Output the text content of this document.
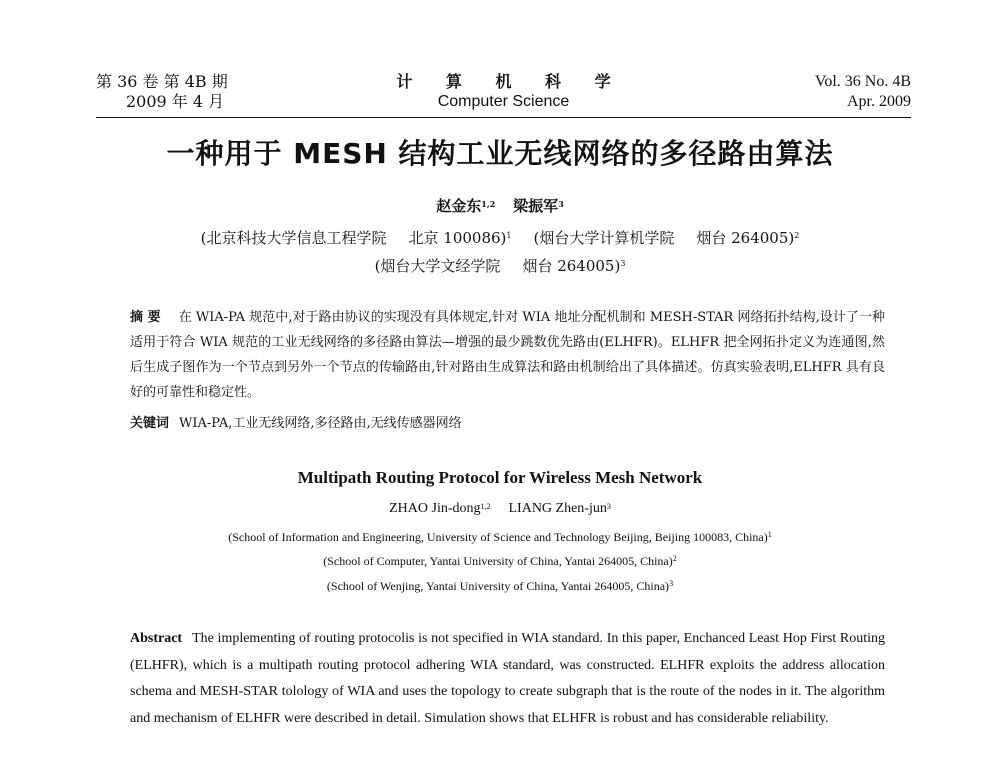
第 36 卷 第 4B 期
2009 年 4 月
计 算 机 科 学
Computer Science
Vol. 36 No. 4B
Apr. 2009
一种用于 MESH 结构工业无线网络的多径路由算法
赵金东$^{1,2}$ 梁振军$^3$
(北京科技大学信息工程学院 北京 100086)$^1$ (烟台大学计算机学院 烟台 264005)$^2$
(烟台大学文经学院 烟台 264005)$^3$
摘 要 在 WIA-PA 规范中,对于路由协议的实现没有具体规定,针对 WIA 地址分配机制和 MESH-STAR 网络拓扑结构,设计了一种适用于符合 WIA 规范的工业无线网络的多径路由算法—增强的最少跳数优先路由(ELHFR)。ELHFR 把全网拓扑定义为连通图,然后生成子图作为一个节点到另外一个节点的传输路由,针对路由生成算法和路由机制给出了具体描述。仿真实验表明,ELHFR 具有良好的可靠性和稳定性。
关键词 WIA-PA,工业无线网络,多径路由,无线传感器网络
Multipath Routing Protocol for Wireless Mesh Network
ZHAO Jin-dong$^{1,2}$ LIANG Zhen-jun$^3$
(School of Information and Engineering, University of Science and Technology Beijing, Beijing 100083, China)$^1$
(School of Computer, Yantai University of China, Yantai 264005, China)$^2$
(School of Wenjing, Yantai University of China, Yantai 264005, China)$^3$
Abstract The implementing of routing protocolis is not specified in WIA standard. In this paper, Enchanced Least Hop First Routing (ELHFR), which is a multipath routing protocol adhering WIA standard, was constructed. ELHFR exploits the address allocation schema and MESH-STAR tolology of WIA and uses the topology to create subgraph that is the route of the nodes in it. The algorithm and mechanism of ELHFR were described in detail. Simulation shows that ELHFR is robust and has considerable reliability.
